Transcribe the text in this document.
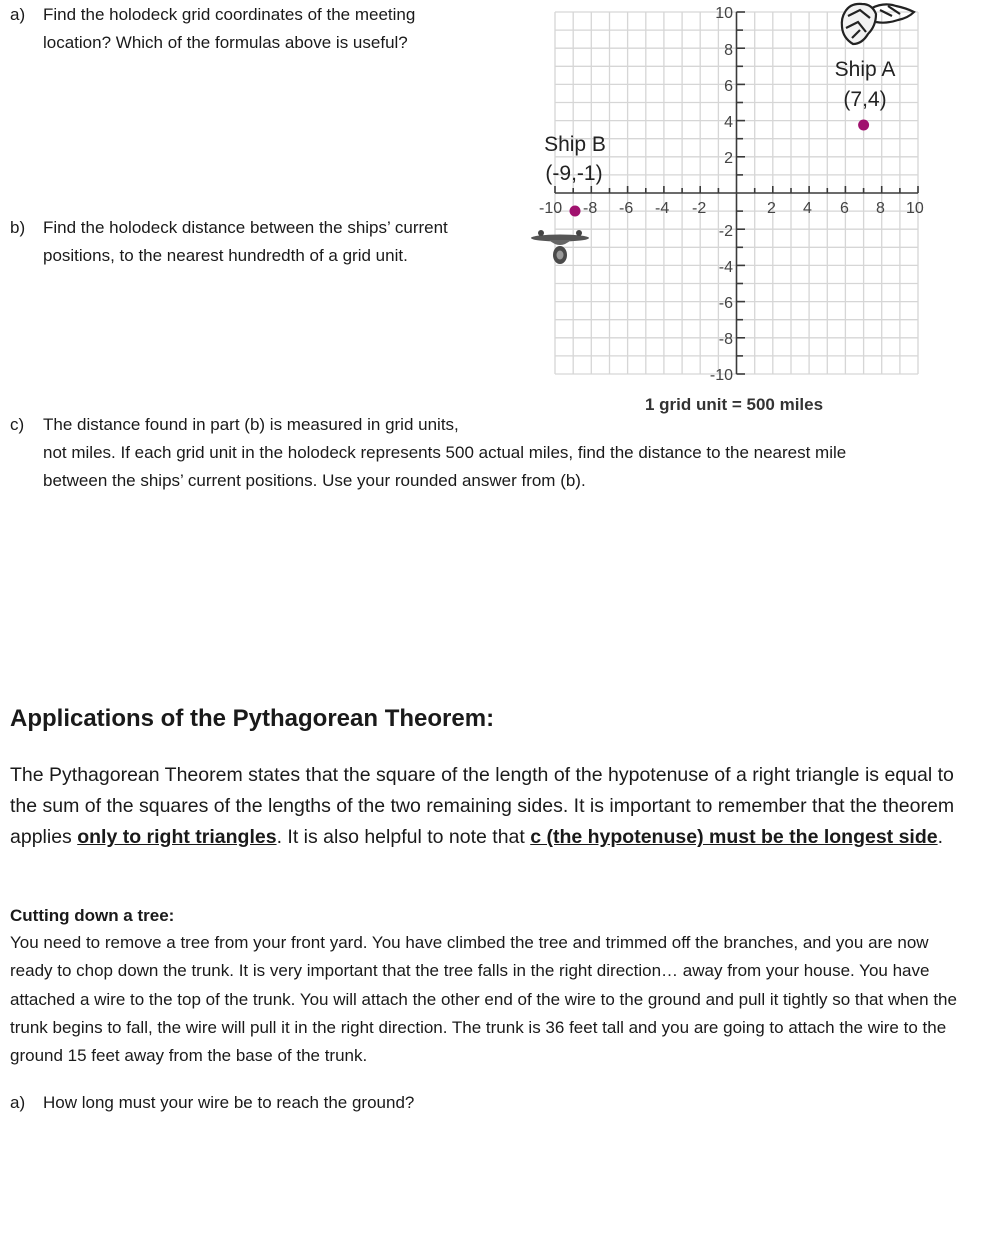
a) Find the holodeck grid coordinates of the meeting
location? Which of the formulas above is useful?
b) Find the holodeck distance between the ships’ current
positions, to the nearest hundredth of a grid unit.
c) The distance found in part (b) is measured in grid units,
not miles. If each grid unit in the holodeck represents 500 actual miles, find the distance to the nearest mile
between the ships’ current positions. Use your rounded answer from (b).
-10 -8 -6 -4 -2	2 4 6 8 10
10
8
6
4
2
-2
-4
-6
-8
-10
Ship A
(7,4)
Ship B
(-9,-1)
1 grid unit = 500 miles
Applications of the Pythagorean Theorem:
The Pythagorean Theorem states that the square of the length of the hypotenuse of a right triangle is equal to the sum of the squares of the lengths of the two remaining sides. It is important to remember that the theorem applies only to right triangles. It is also helpful to note that c (the hypotenuse) must be the longest side.
Cutting down a tree:
You need to remove a tree from your front yard. You have climbed the tree and trimmed off the branches, and you are now ready to chop down the trunk. It is very important that the tree falls in the right direction… away from your house. You have attached a wire to the top of the trunk. You will attach the other end of the wire to the ground and pull it tightly so that when the trunk begins to fall, the wire will pull it in the right direction. The trunk is 36 feet tall and you are going to attach the wire to the ground 15 feet away from the base of the trunk.
a) How long must your wire be to reach the ground?
